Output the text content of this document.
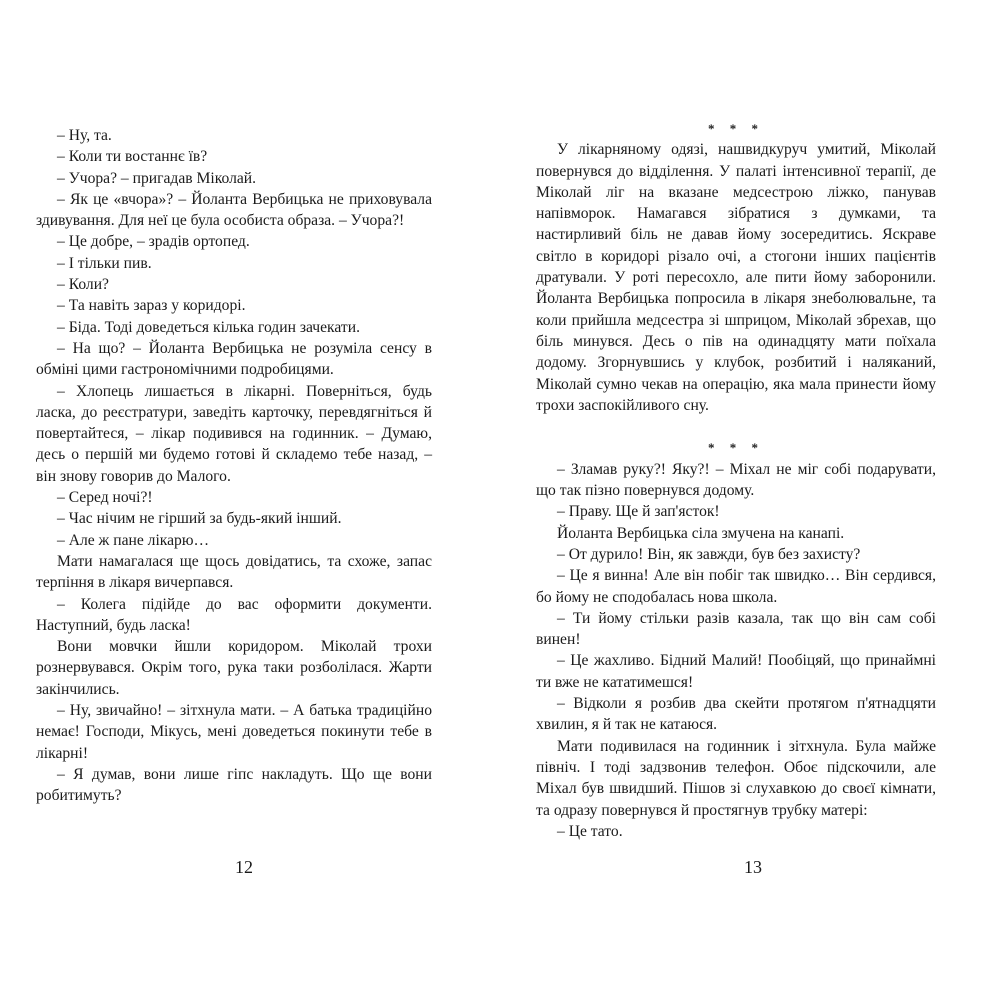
– Ну, та.

– Коли ти востаннє їв?

– Учора? – пригадав Міколай.

– Як це «вчора»? – Йоланта Вербицька не приховувала здивування. Для неї це була особиста образа. – Учора?!

– Це добре, – зрадів ортопед.

– І тільки пив.

– Коли?

– Та навіть зараз у коридорі.

– Біда. Тоді доведеться кілька годин зачекати.

– На що? – Йоланта Вербицька не розуміла сенсу в обміні цими гастрономічними подробицями.

– Хлопець лишається в лікарні. Поверніться, будь ласка, до реєстратури, заведіть карточку, перевдягніться й повертайтеся, – лікар подивився на годинник. – Думаю, десь о першій ми будемо готові й складемо тебе назад, – він знову говорив до Малого.

– Серед ночі?!

– Час нічим не гірший за будь-який інший.

– Але ж пане лікарю…

Мати намагалася ще щось довідатись, та схоже, запас терпіння в лікаря вичерпався.

– Колега підійде до вас оформити документи. Наступний, будь ласка!

Вони мовчки йшли коридором. Міколай трохи рознервувався. Окрім того, рука таки розболілася. Жарти закінчились.

– Ну, звичайно! – зітхнула мати. – А батька традиційно немає! Господи, Мікусь, мені доведеться покинути тебе в лікарні!

– Я думав, вони лише гіпс накладуть. Що ще вони робитимуть?

12

* * *

У лікарняному одязі, нашвидкуруч умитий, Міколай повернувся до відділення. У палаті інтенсивної терапії, де Міколай ліг на вказане медсестрою ліжко, панував напівморок. Намагався зібратися з думками, та настирливий біль не давав йому зосередитись. Яскраве світло в коридорі різало очі, а стогони інших пацієнтів дратували. У роті пересохло, але пити йому заборонили. Йоланта Вербицька попросила в лікаря знеболювальне, та коли прийшла медсестра зі шприцом, Міколай збрехав, що біль минувся. Десь о пів на одинадцяту мати поїхала додому. Згорнувшись у клубок, розбитий і наляканий, Міколай сумно чекав на операцію, яка мала принести йому трохи заспокійливого сну.

* * *

– Зламав руку?! Яку?! – Міхал не міг собі подарувати, що так пізно повернувся додому.

– Праву. Ще й зап'ясток!

Йоланта Вербицька сіла змучена на канапі.

– От дурило! Він, як завжди, був без захисту?

– Це я винна! Але він побіг так швидко… Він сердився, бо йому не сподобалась нова школа.

– Ти йому стільки разів казала, так що він сам собі винен!

– Це жахливо. Бідний Малий! Пообіцяй, що принаймні ти вже не кататимешся!

– Відколи я розбив два скейти протягом п'ятнадцяти хвилин, я й так не катаюся.

Мати подивилася на годинник і зітхнула. Була майже північ. І тоді задзвонив телефон. Обоє підскочили, але Міхал був швидший. Пішов зі слухавкою до своєї кімнати, та одразу повернувся й простягнув трубку матері:

– Це тато.

13
